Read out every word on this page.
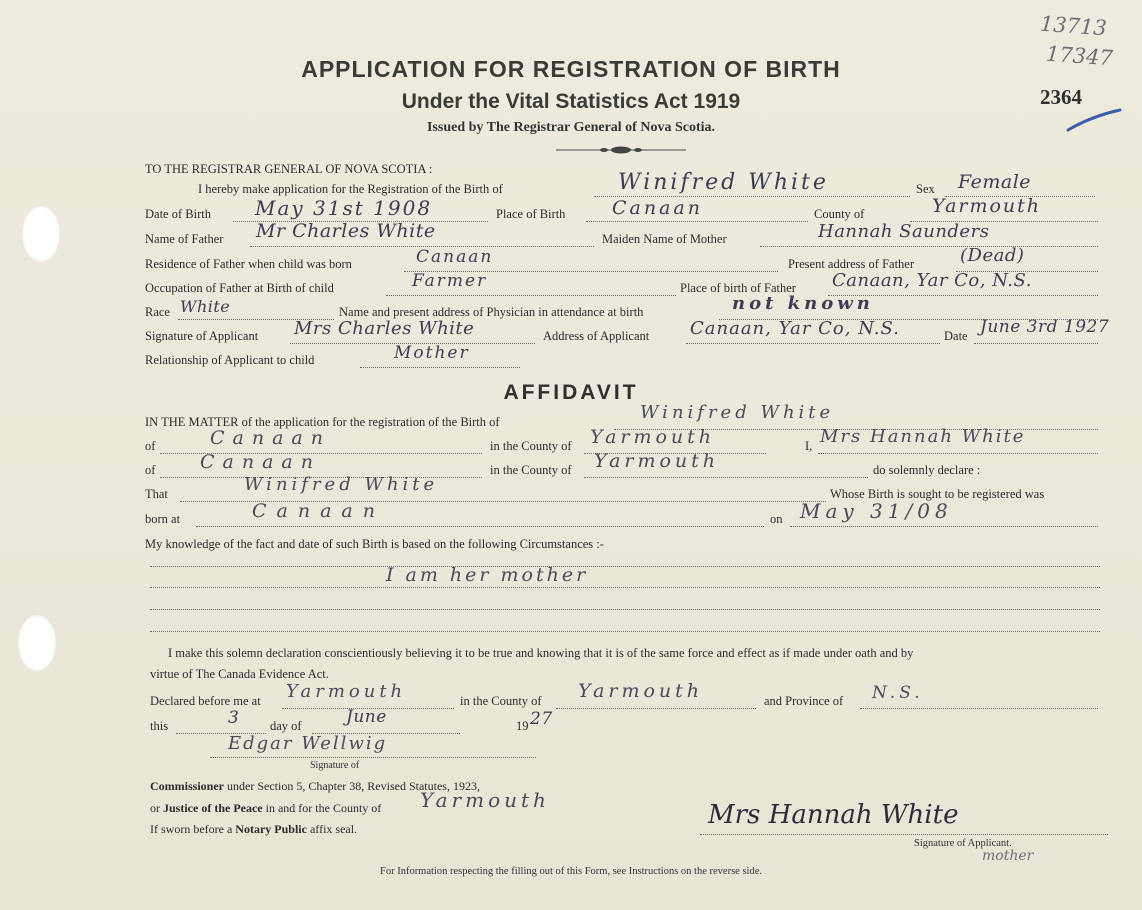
13713
17347
2364
APPLICATION FOR REGISTRATION OF BIRTH
Under the Vital Statistics Act 1919
Issued by The Registrar General of Nova Scotia.
TO THE REGISTRAR GENERAL OF NOVA SCOTIA :
I hereby make application for the Registration of the Birth of	Winifred White	Sex Female
Date of Birth May 31st 1908	Place of Birth Canaan	County of	Yarmouth
Name of Father Mr Charles White	Maiden Name of Mother	Hannah Saunders
Residence of Father when child was born	Canaan	Present address of Father	(Dead)
Occupation of Father at Birth of child	Farmer	Place of birth of Father Canaan, Yar Co, N.S.
Race White	Name and present address of Physician in attendance at birth	not known
Signature of Applicant Mrs Charles White	Address of Applicant Canaan, Yar Co, N.S.	Date June 3rd 1927
Relationship of Applicant to child	Mother
AFFIDAVIT
IN THE MATTER of the application for the registration of the Birth of	Winifred White
of	Canaan	in the County of Yarmouth	I, Mrs Hannah White
of Canaan	in the County of Yarmouth	do solemnly declare :
That	Winifred White	Whose Birth is sought to be registered was
born at	Canaan	on May 31/08
My knowledge of the fact and date of such Birth is based on the following Circumstances :-
I am her mother
I make this solemn declaration conscientiously believing it to be true and knowing that it is of the same force and effect as if made under oath and by
virtue of The Canada Evidence Act.
Declared before me at Yarmouth	in the County of Yarmouth	and Province of N.S.
this	3 day of	June	19 27
Edgar Wellwig
Signature of
Commissioner under Section 5, Chapter 38, Revised Statutes, 1923,
or Justice of the Peace in and for the County of Yarmouth
If sworn before a Notary Public affix seal.	Mrs Hannah White
Signature of Applicant.
mother
For Information respecting the filling out of this Form, see Instructions on the reverse side.
